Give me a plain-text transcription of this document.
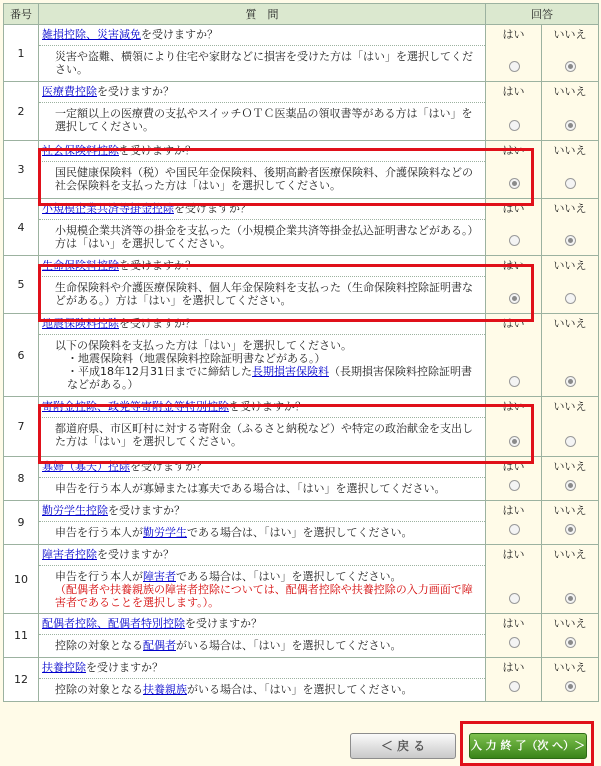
番号	質　問	回答	
1	雑損控除、災害減免を受けますか？
災害や盗難、横領により住宅や家財などに損害を受けた方は「はい」を選択してください。	はい	いいえ

2	医療費控除を受けますか？
一定額以上の医療費の支払やスイッチＯＴＣ医薬品の領収書等がある方は「はい」を選択してください。	はい	いいえ

3	社会保険料控除を受けますか？
国民健康保険料（税）や国民年金保険料、後期高齢者医療保険料、介護保険料などの社会保険料を支払った方は「はい」を選択してください。	はい	いいえ

4	小規模企業共済等掛金控除を受けますか？
小規模企業共済等の掛金を支払った（小規模企業共済等掛金払込証明書などがある。）方は「はい」を選択してください。	はい	いいえ

5	生命保険料控除を受けますか？
生命保険料や介護医療保険料、個人年金保険料を支払った（生命保険料控除証明書などがある。）方は「はい」を選択してください。	はい	いいえ

6	地震保険料控除を受けますか？
以下の保険料を支払った方は「はい」を選択してください。
・地震保険料（地震保険料控除証明書などがある。）
・平成18年12月31日までに締結した長期損害保険料（長期損害保険料控除証明書などがある。）	はい	いいえ

7	寄附金控除、政党等寄附金等特別控除を受けますか？
都道府県、市区町村に対する寄附金（ふるさと納税など）や特定の政治献金を支出した方は「はい」を選択してください。	はい	いいえ

8	寡婦（寡夫）控除を受けますか？
申告を行う本人が寡婦または寡夫である場合は、「はい」を選択してください。	はい	いいえ

9	勤労学生控除を受けますか？
申告を行う本人が勤労学生である場合は、「はい」を選択してください。	はい	いいえ

10	障害者控除を受けますか？
申告を行う本人が障害者である場合は、「はい」を選択してください。
（配偶者や扶養親族の障害者控除については、配偶者控除や扶養控除の入力画面で障害者であることを選択します。）。	はい	いいえ

11	配偶者控除、配偶者特別控除を受けますか？
控除の対象となる配偶者がいる場合は、「はい」を選択してください。	はい	いいえ

12	扶養控除を受けますか？
控除の対象となる扶養親族がいる場合は、「はい」を選択してください。	はい	いいえ
＜ 戻 る	入 力 終 了（次 へ）＞
